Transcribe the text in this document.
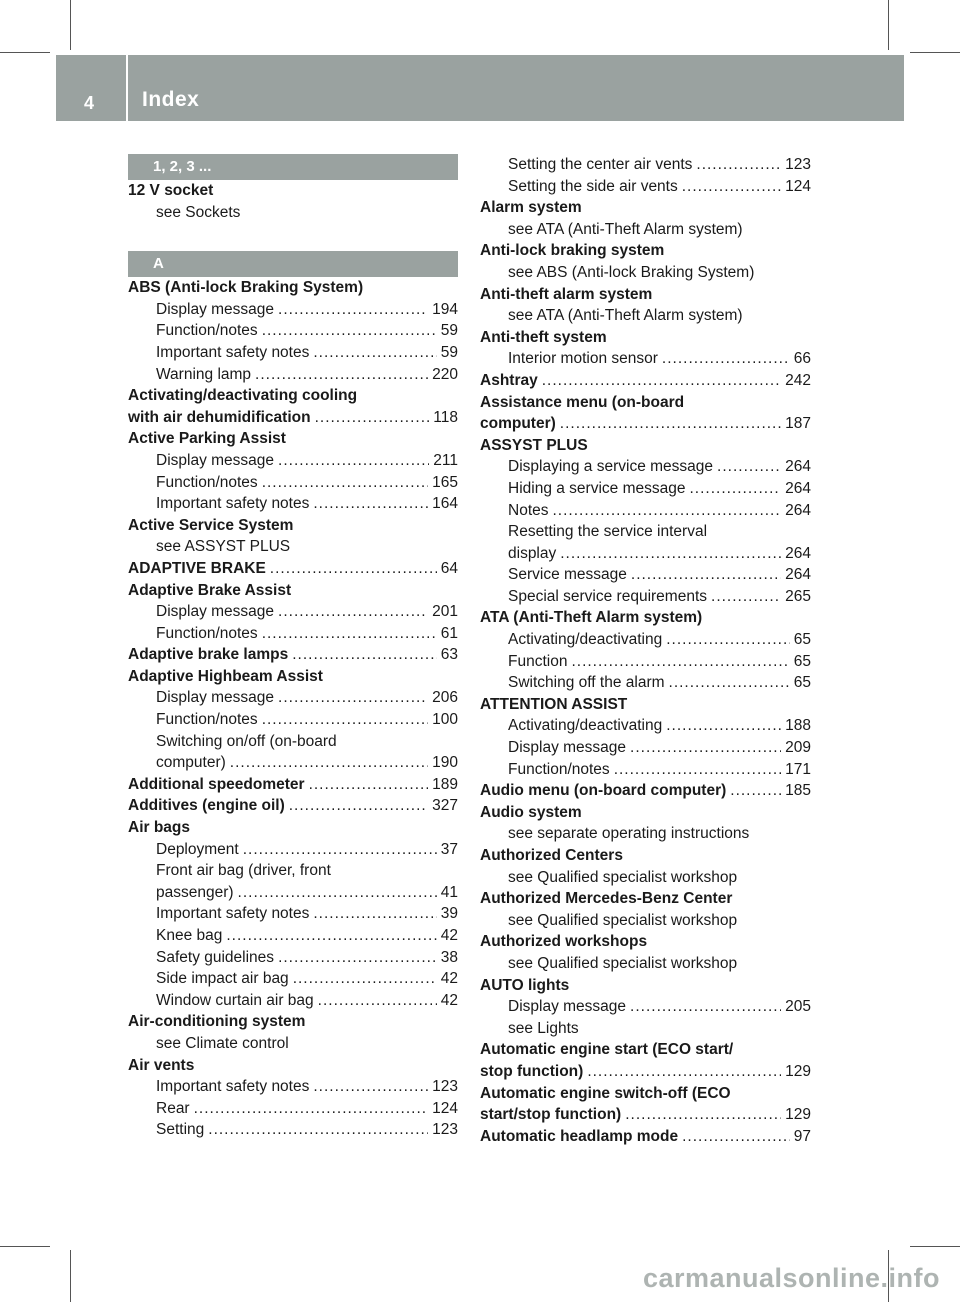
4 Index
1, 2, 3 ...
12 V socket
see Sockets
A
ABS (Anti-lock Braking System)
Display message .....	194
Function/notes .....	59
Important safety notes .....	59
Warning lamp .....	220
Activating/deactivating cooling
with air dehumidification .....	118
Active Parking Assist
Display message .....	211
Function/notes .....	165
Important safety notes .....	164
Active Service System
see ASSYST PLUS
ADAPTIVE BRAKE .....	64
Adaptive Brake Assist
Display message .....	201
Function/notes .....	61
Adaptive brake lamps .....	63
Adaptive Highbeam Assist
Display message .....	206
Function/notes .....	100
Switching on/off (on-board
computer) .....	190
Additional speedometer .....	189
Additives (engine oil) .....	327
Air bags
Deployment .....	37
Front air bag (driver, front
passenger) .....	41
Important safety notes .....	39
Knee bag .....	42
Safety guidelines .....	38
Side impact air bag .....	42
Window curtain air bag .....	42
Air-conditioning system
see Climate control
Air vents
Important safety notes .....	123
Rear .....	124
Setting .....	123
Setting the center air vents .....	123
Setting the side air vents .....	124
Alarm system
see ATA (Anti-Theft Alarm system)
Anti-lock braking system
see ABS (Anti-lock Braking System)
Anti-theft alarm system
see ATA (Anti-Theft Alarm system)
Anti-theft system
Interior motion sensor .....	66
Ashtray .....	242
Assistance menu (on-board
computer) .....	187
ASSYST PLUS
Displaying a service message .....	264
Hiding a service message .....	264
Notes .....	264
Resetting the service interval
display .....	264
Service message .....	264
Special service requirements .....	265
ATA (Anti-Theft Alarm system)
Activating/deactivating .....	65
Function .....	65
Switching off the alarm .....	65
ATTENTION ASSIST
Activating/deactivating .....	188
Display message .....	209
Function/notes .....	171
Audio menu (on-board computer) .....	185
Audio system
see separate operating instructions
Authorized Centers
see Qualified specialist workshop
Authorized Mercedes-Benz Center
see Qualified specialist workshop
Authorized workshops
see Qualified specialist workshop
AUTO lights
Display message .....	205
see Lights
Automatic engine start (ECO start/
stop function) .....	129
Automatic engine switch-off (ECO
start/stop function) .....	129
Automatic headlamp mode .....	97
carmanualsonline.info
